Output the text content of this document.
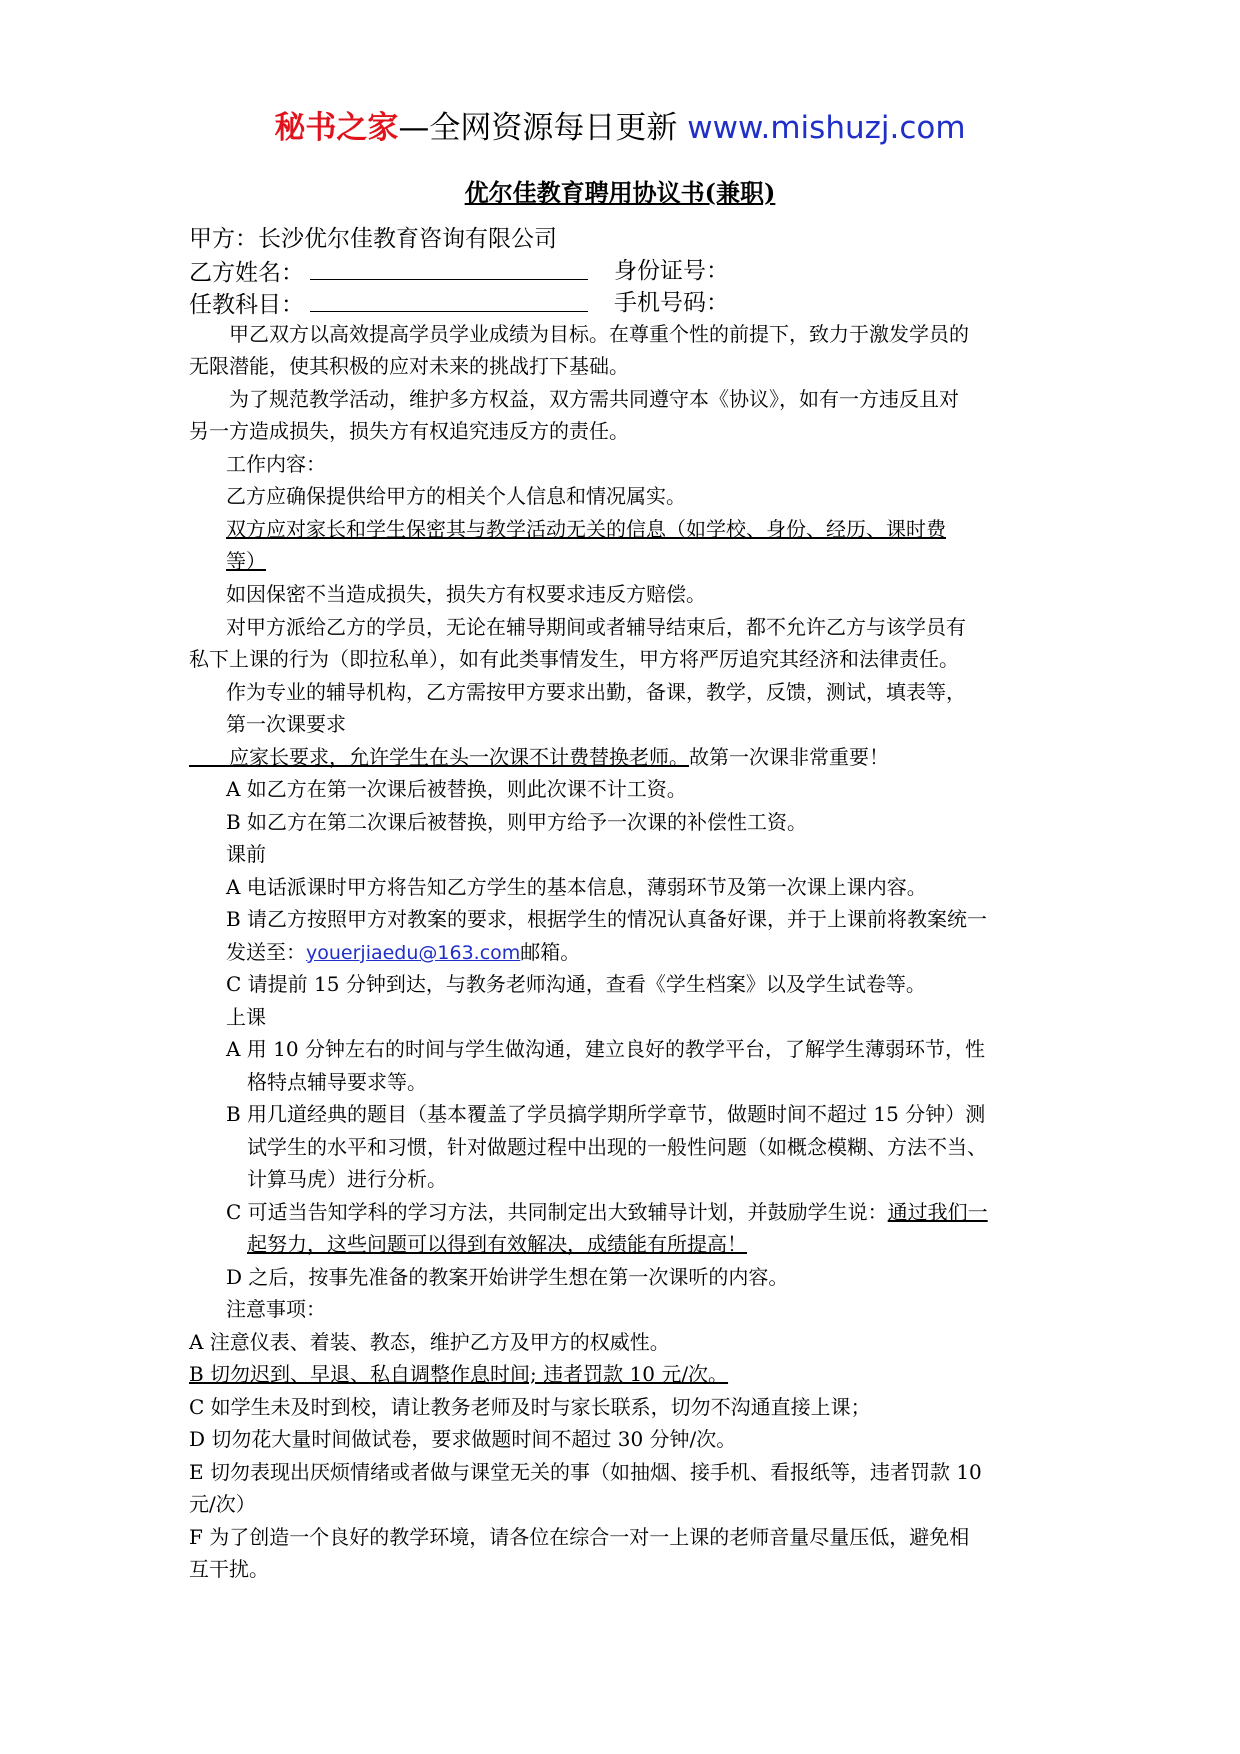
秘书之家—全网资源每日更新 www.mishuzj.com
优尔佳教育聘用协议书(兼职)
甲方：长沙优尔佳教育咨询有限公司
乙方姓名：	身份证号：
任教科目：	手机号码：
甲乙双方以高效提高学员学业成绩为目标。在尊重个性的前提下，致力于激发学员的
无限潜能，使其积极的应对未来的挑战打下基础。
为了规范教学活动，维护多方权益，双方需共同遵守本《协议》，如有一方违反且对
另一方造成损失，损失方有权追究违反方的责任。
工作内容：
乙方应确保提供给甲方的相关个人信息和情况属实。
双方应对家长和学生保密其与教学活动无关的信息（如学校、身份、经历、课时费
等）
如因保密不当造成损失，损失方有权要求违反方赔偿。
对甲方派给乙方的学员，无论在辅导期间或者辅导结束后，都不允许乙方与该学员有
私下上课的行为（即拉私单），如有此类事情发生，甲方将严厉追究其经济和法律责任。
作为专业的辅导机构，乙方需按甲方要求出勤，备课，教学，反馈，测试，填表等，
第一次课要求
　　应家长要求，允许学生在头一次课不计费替换老师。故第一次课非常重要！
A 如乙方在第一次课后被替换，则此次课不计工资。
B 如乙方在第二次课后被替换，则甲方给予一次课的补偿性工资。
课前
A 电话派课时甲方将告知乙方学生的基本信息，薄弱环节及第一次课上课内容。
B 请乙方按照甲方对教案的要求，根据学生的情况认真备好课，并于上课前将教案统一
发送至：youerjiaedu@163.com邮箱。
C 请提前 15 分钟到达，与教务老师沟通，查看《学生档案》以及学生试卷等。
上课
A 用 10 分钟左右的时间与学生做沟通，建立良好的教学平台，了解学生薄弱环节，性
格特点辅导要求等。
B 用几道经典的题目（基本覆盖了学员搞学期所学章节，做题时间不超过 15 分钟）测
试学生的水平和习惯，针对做题过程中出现的一般性问题（如概念模糊、方法不当、
计算马虎）进行分析。
C 可适当告知学科的学习方法，共同制定出大致辅导计划，并鼓励学生说：通过我们一
起努力，这些问题可以得到有效解决，成绩能有所提高！
D 之后，按事先准备的教案开始讲学生想在第一次课听的内容。
注意事项：
A 注意仪表、着装、教态，维护乙方及甲方的权威性。
B 切勿迟到、早退、私自调整作息时间; 违者罚款 10 元/次。
C 如学生未及时到校，请让教务老师及时与家长联系，切勿不沟通直接上课；
D 切勿花大量时间做试卷，要求做题时间不超过 30 分钟/次。
E 切勿表现出厌烦情绪或者做与课堂无关的事（如抽烟、接手机、看报纸等，违者罚款 10
元/次）
F 为了创造一个良好的教学环境，请各位在综合一对一上课的老师音量尽量压低，避免相
互干扰。
